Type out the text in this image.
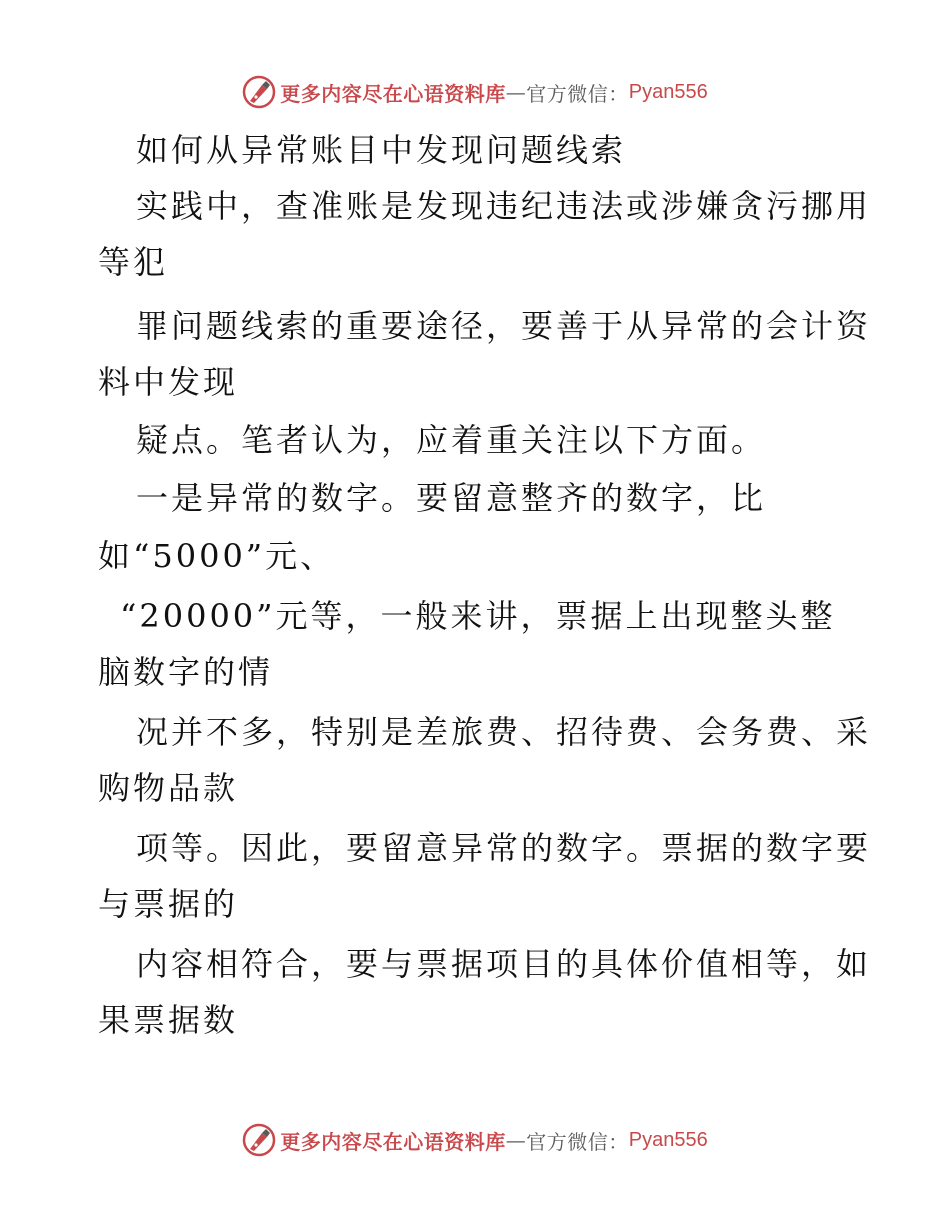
更多内容尽在心语资料库 — 官方微信： Pyan556
如何从异常账目中发现问题线索
实践中，查准账是发现违纪违法或涉嫌贪污挪用
等犯
罪问题线索的重要途径，要善于从异常的会计资
料中发现
疑点。笔者认为，应着重关注以下方面。
一是异常的数字。要留意整齐的数字，比
如“5000”元、
“20000”元等，一般来讲，票据上出现整头整
脑数字的情
况并不多，特别是差旅费、招待费、会务费、采
购物品款
项等。因此，要留意异常的数字。票据的数字要
与票据的
内容相符合，要与票据项目的具体价值相等，如
果票据数
更多内容尽在心语资料库 — 官方微信： Pyan556
